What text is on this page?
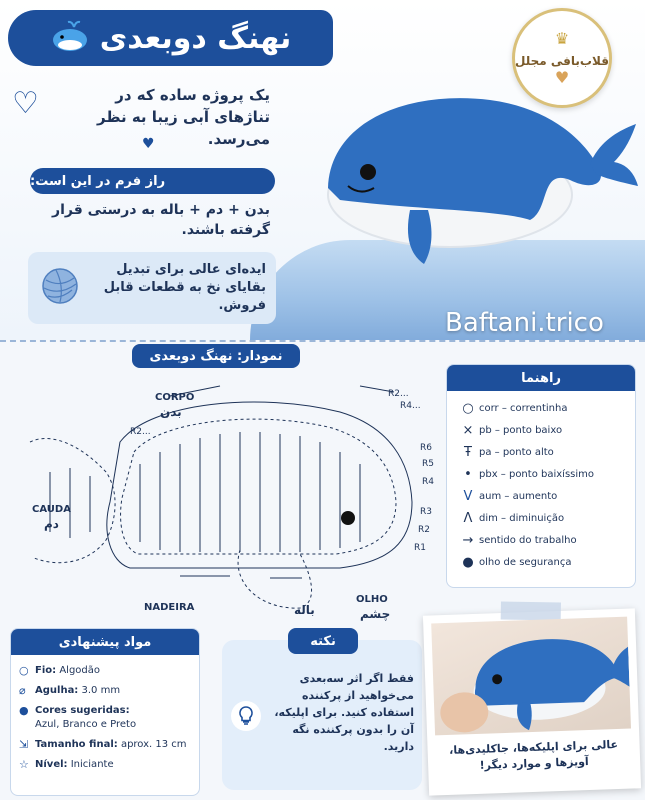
نهنگ دوبعدی	♛
قلاب‌بافی مجلل
♥
♡	یک پروژه ساده که در تناژهای آبی زیبا به نظر می‌رسد.
♥
راز فرم در این است:
بدن + دم + باله به درستی قرار گرفته باشند.
ایده‌ای عالی برای تبدیل بقایای نخ به قطعات قابل فروش.
Baftani.trico
نمودار: نهنگ دوبعدی
R4...
R2...
R2...
R6
R5
R4
R3
R2
R1
CORPO
بدن
CAUDA
دم
NADEIRA	باله
OLHO
چشم
راهنما
○ corr – correntinha
× pb – ponto baixo
Ŧ pa – ponto alto
• pbx – ponto baixíssimo
V aum – aumento
Λ dim – diminuição
→ sentido do trabalho
● olho de segurança
مواد پیشنهادی
○ Fio: Algodão
⌀ Agulha: 3.0 mm
● Cores sugeridas:
Azul, Branco e Preto
⇲ Tamanho final: aprox. 13 cm
☆ Nível: Iniciante
نکته
فقط اگر اثر سه‌بعدی می‌خواهید از پرکننده استفاده کنید. برای اپلیکه، آن را بدون پرکننده نگه دارید.	عالی برای اپلیکه‌ها، جاکلیدی‌ها، آویزها و موارد دیگر!
